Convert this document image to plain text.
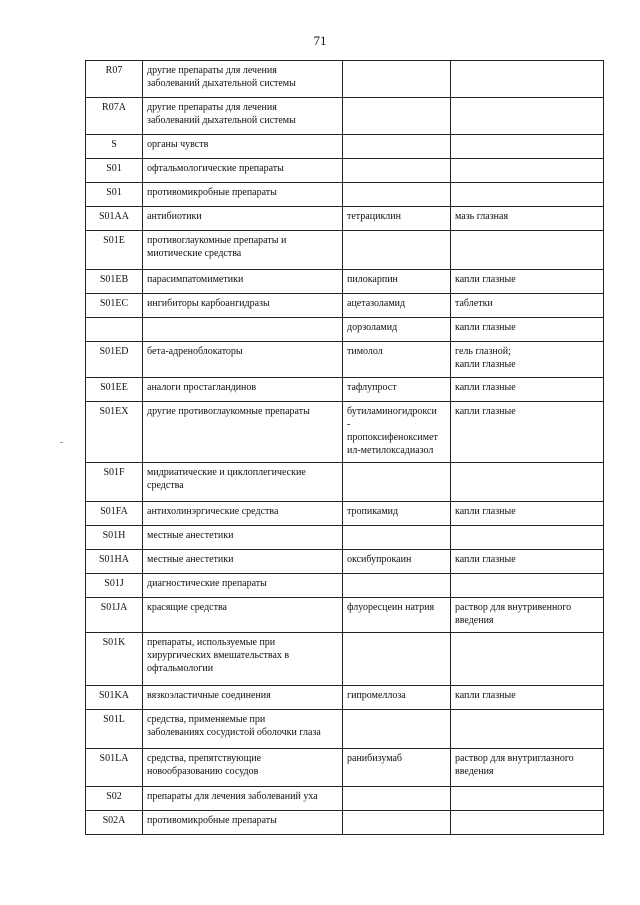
71
R07	другие препараты для лечения
заболеваний дыхательной системы		

R07A	другие препараты для лечения
заболеваний дыхательной системы		

S	органы чувств		

S01	офтальмологические препараты		

S01	противомикробные препараты		

S01AA	антибиотики	тетрациклин	мазь глазная

S01E	противоглаукомные препараты и
миотические средства		

S01EB	парасимпатомиметики	пилокарпин	капли глазные

S01EC	ингибиторы карбоангидразы	ацетазоламид	таблетки

		дорзоламид	капли глазные

S01ED	бета-адреноблокаторы	тимолол	гель глазной;
капли глазные

S01EE	аналоги простагландинов	тафлупрост	капли глазные

S01EX	другие противоглаукомные препараты	бутиламиногидрокси
-
пропоксифеноксимет
ил-метилоксадиазол	капли глазные

S01F	мидриатические и циклоплегические
средства		

S01FA	антихолинэргические средства	тропикамид	капли глазные

S01H	местные анестетики		

S01HA	местные анестетики	оксибупрокаин	капли глазные

S01J	диагностические препараты		

S01JA	красящие средства	флуоресцеин натрия	раствор для внутривенного
введения

S01K	препараты, используемые при
хирургических вмешательствах в
офтальмологии		

S01KA	вязкоэластичные соединения	гипромеллоза	капли глазные

S01L	средства, применяемые при
заболеваниях сосудистой оболочки глаза		

S01LA	средства, препятствующие
новообразованию сосудов	ранибизумаб	раствор для внутриглазного
введения

S02	препараты для лечения заболеваний уха		

S02A	противомикробные препараты		
